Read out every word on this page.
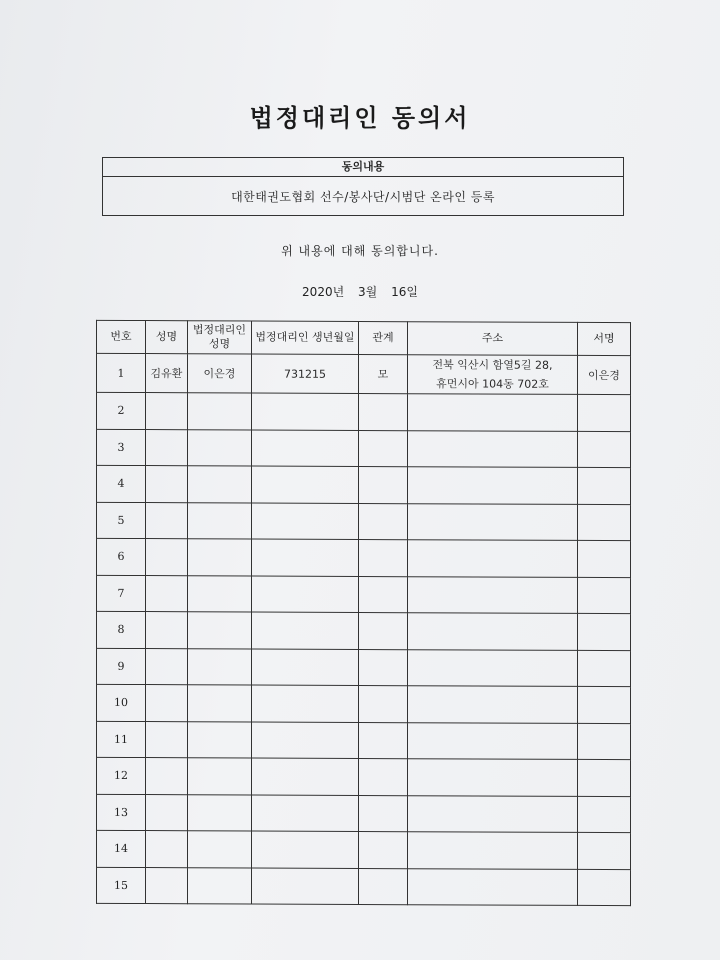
법정대리인 동의서
동의내용
대한태권도협회 선수/봉사단/시범단 온라인 등록
위 내용에 대해 동의합니다.
2020년 3월 16일
번호	성명	법정대리인 성명	법정대리인 생년월일	관계	주소	서명
1	김유환	이은경	731215	모	전북 익산시 함열5길 28,
휴먼시아 104동 702호	이은경
2						
3						
4						
5						
6						
7						
8						
9						
10						
11						
12						
13						
14						
15						
